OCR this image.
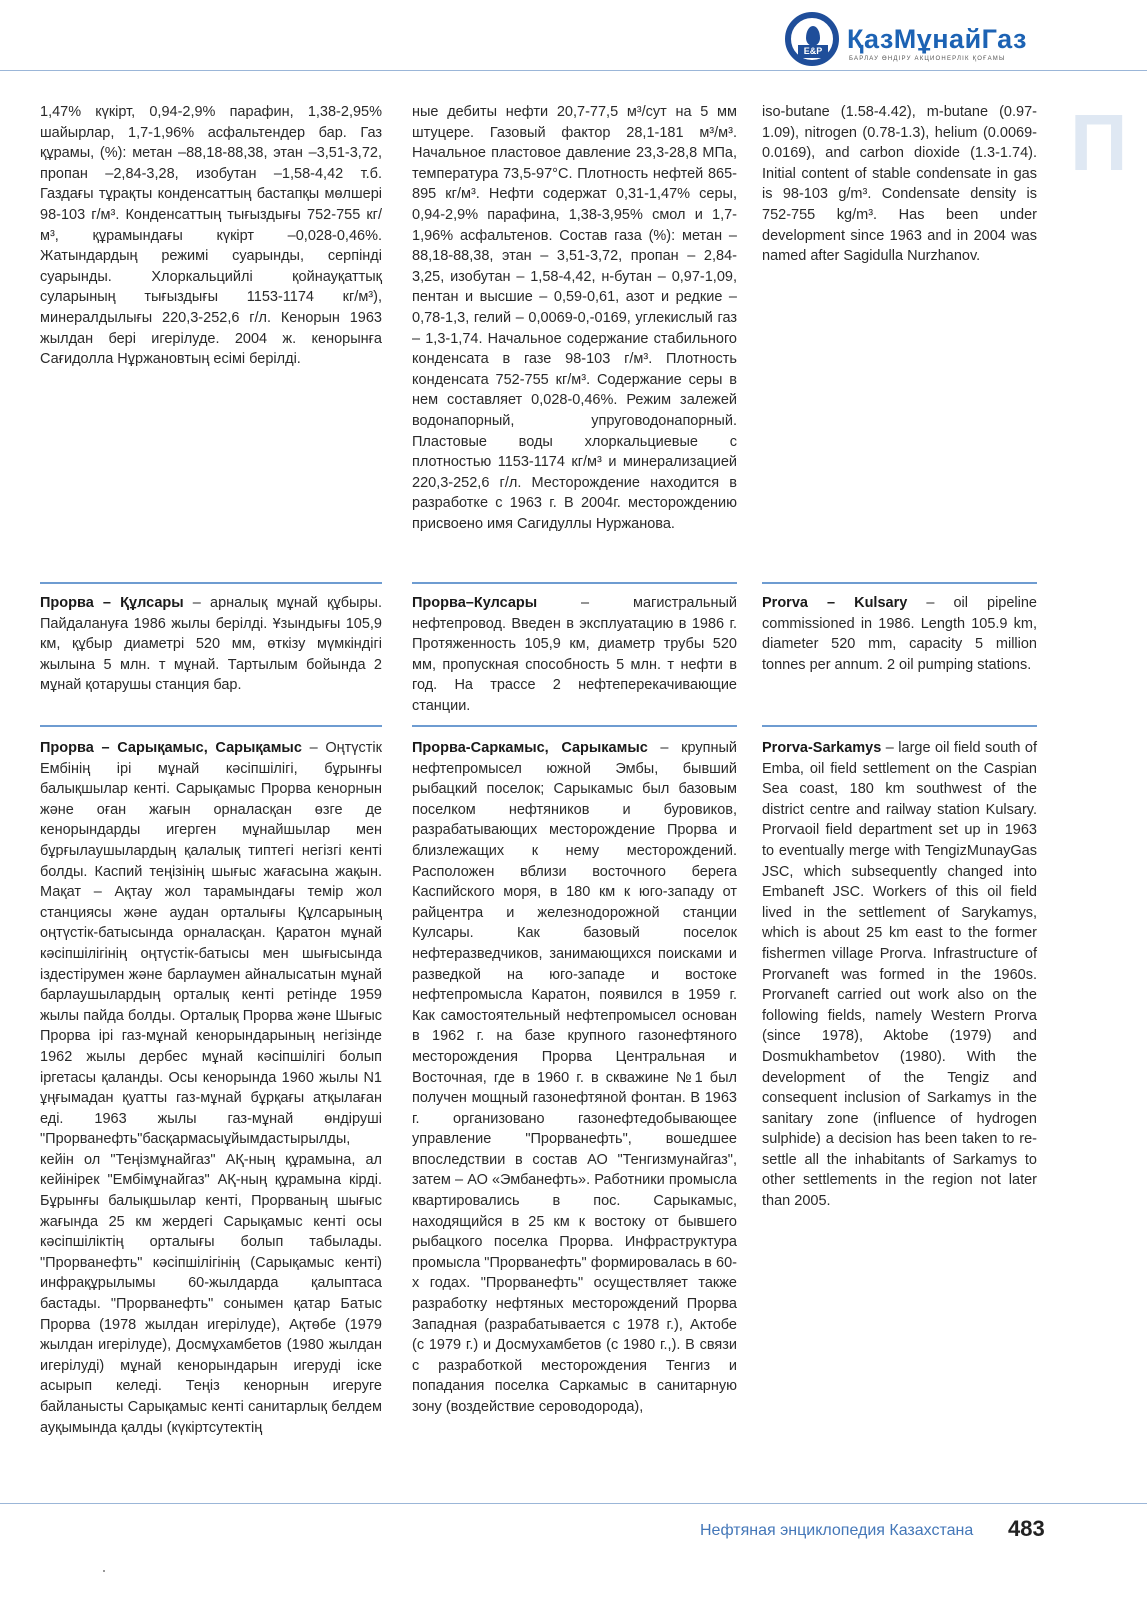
E&P ҚазМұнайГаз
БАРЛАУ ӨНДІРУ АКЦИОНЕРЛІК ҚОҒАМЫ
П

1,47% күкірт, 0,94-2,9% парафин, 1,38-2,95% шайырлар, 1,7-1,96% асфальтендер бар. Газ құрамы, (%): метан –88,18-88,38, этан –3,51-3,72, пропан –2,84-3,28, изобутан –1,58-4,42 т.б. Газдағы тұрақты конденсаттың бастапқы мөлшері 98-103 г/м³. Конденсаттың тығыздығы 752-755 кг/м³, құрамындағы күкірт –0,028-0,46%. Жатындардың режимі суарынды, серпінді суарынды. Хлоркальцийлі қойнауқаттық суларының тығыздығы 1153-1174 кг/м³), минералдылығы 220,3-252,6 г/л. Кенорын 1963 жылдан бері игерілуде. 2004 ж. кенорынға Сағидолла Нұржановтың есімі берілді.

ные дебиты нефти 20,7-77,5 м³/сут на 5 мм штуцере. Газовый фактор 28,1-181 м³/м³. Начальное пластовое давление 23,3-28,8 МПа, температура 73,5-97°С. Плотность нефтей 865-895 кг/м³. Нефти содержат 0,31-1,47% серы, 0,94-2,9% парафина, 1,38-3,95% смол и 1,7-1,96% асфальтенов. Состав газа (%): метан – 88,18-88,38, этан – 3,51-3,72, пропан – 2,84-3,25, изобутан – 1,58-4,42, н-бутан – 0,97-1,09, пентан и высшие – 0,59-0,61, азот и редкие – 0,78-1,3, гелий – 0,0069-0,-0169, углекислый газ – 1,3-1,74. Начальное содержание стабильного конденсата в газе 98-103 г/м³. Плотность конденсата 752-755 кг/м³. Содержание серы в нем составляет 0,028-0,46%. Режим залежей водонапорный, упруговодонапорный. Пластовые воды хлоркальциевые с плотностью 1153-1174 кг/м³ и минерализацией 220,3-252,6 г/л. Месторождение находится в разработке с 1963 г. В 2004г. месторождению присвоено имя Сагидуллы Нуржанова.

iso-butane (1.58-4.42), m-butane (0.97-1.09), nitrogen (0.78-1.3), helium (0.0069-0.0169), and carbon dioxide (1.3-1.74). Initial content of stable condensate in gas is 98-103 g/m³. Condensate density is 752-755 kg/m³. Has been under development since 1963 and in 2004 was named after Sagidulla Nurzhanov.

Прорва – Құлсары – арналық мұнай құбыры. Пайдалануға 1986 жылы берілді. Ұзындығы 105,9 км, құбыр диаметрі 520 мм, өткізу мүмкіндігі жылына 5 млн. т мұнай. Тартылым бойында 2 мұнай қотарушы станция бар.

Прорва–Кулсары – магистральный нефтепровод. Введен в эксплуатацию в 1986 г. Протяженность 105,9 км, диаметр трубы 520 мм, пропускная способность 5 млн. т нефти в год. На трассе 2 нефтеперекачивающие станции.

Prorva – Kulsary – oil pipeline commissioned in 1986. Length 105.9 km, diameter 520 mm, capacity 5 million tonnes per annum. 2 oil pumping stations.

Прорва – Сарықамыс, Сарықамыс – Оңтүстік Ембінің ірі мұнай кәсіпшілігі, бұрынғы балықшылар кенті. Сарықамыс Прорва кенорнын және оған жағын орналасқан өзге де кенорындарды игерген мұнайшылар мен бұрғылаушылардың қалалық типтегі негізгі кенті болды. Каспий теңізінің шығыс жағасына жақын. Мақат – Ақтау жол тарамындағы темір жол станциясы және аудан орталығы Құлсарының оңтүстік-батысында орналасқан. Қаратон мұнай кәсіпшілігінің оңтүстік-батысы мен шығысында іздестірумен және барлаумен айналысатын мұнай барлаушылардың орталық кенті ретінде 1959 жылы пайда болды. Орталық Прорва және Шығыс Прорва ірі газ-мұнай кенорындарының негізінде 1962 жылы дербес мұнай кәсіпшілігі болып іргетасы қаланды. Осы кенорында 1960 жылы N1 ұңғымадан қуатты газ-мұнай бұрқағы атқылаған еді. 1963 жылы газ-мұнай өндіруші "Прорванефть"басқармасыұйымдастырылды, кейін ол "Теңізмұнайгаз" АҚ-ның құрамына, ал кейінірек "Ембімұнайгаз" АҚ-ның құрамына кірді. Бұрынғы балықшылар кенті, Прорваның шығыс жағында 25 км жердегі Сарықамыс кенті осы кәсіпшіліктің орталығы болып табылады. "Прорванефть" кәсіпшілігінің (Сарықамыс кенті) инфрақұрылымы 60-жылдарда қалыптаса бастады. "Прорванефть" сонымен қатар Батыс Прорва (1978 жылдан игерілуде), Ақтөбе (1979 жылдан игерілуде), Досмұхамбетов (1980 жылдан игерілуді) мұнай кенорындарын игеруді іске асырып келеді. Теңіз кенорнын игеруге байланысты Сарықамыс кенті санитарлық белдем ауқымында қалды (күкіртсутектің

Прорва-Саркамыс, Сарыкамыс – крупный нефтепромысел южной Эмбы, бывший рыбацкий поселок; Сарыкамыс был базовым поселком нефтяников и буровиков, разрабатывающих месторождение Прорва и близлежащих к нему месторождений. Расположен вблизи восточного берега Каспийского моря, в 180 км к юго-западу от райцентра и железнодорожной станции Кулсары. Как базовый поселок нефтеразведчиков, занимающихся поисками и разведкой на юго-западе и востоке нефтепромысла Каратон, появился в 1959 г. Как самостоятельный нефтепромысел основан в 1962 г. на базе крупного газонефтяного месторождения Прорва Центральная и Восточная, где в 1960 г. в скважине №1 был получен мощный газонефтяной фонтан. В 1963 г. организовано газонефтедобывающее управление "Прорванефть", вошедшее впоследствии в состав АО "Тенгизмунайгаз", затем – АО «Эмбанефть». Работники промысла квартировались в пос. Сарыкамыс, находящийся в 25 км к востоку от бывшего рыбацкого поселка Прорва. Инфраструктура промысла "Прорванефть" формировалась в 60-х годах. "Прорванефть" осуществляет также разработку нефтяных месторождений Прорва Западная (разрабатывается с 1978 г.), Актобе (с 1979 г.) и Досмухамбетов (с 1980 г.,). В связи с разработкой месторождения Тенгиз и попадания поселка Саркамыс в санитарную зону (воздействие сероводорода),

Prorva-Sarkamys – large oil field south of Emba, oil field settlement on the Caspian Sea coast, 180 km southwest of the district centre and railway station Kulsary. Prorvaoil field department set up in 1963 to eventually merge with TengizMunayGas JSC, which subsequently changed into Embaneft JSC. Workers of this oil field lived in the settlement of Sarykamys, which is about 25 km east to the former fishermen village Prorva. Infrastructure of Prorvaneft was formed in the 1960s. Prorvaneft carried out work also on the following fields, namely Western Prorva (since 1978), Aktobe (1979) and Dosmukhambetov (1980). With the development of the Tengiz and consequent inclusion of Sarkamys in the sanitary zone (influence of hydrogen sulphide) a decision has been taken to re-settle all the inhabitants of Sarkamys to other settlements in the region not later than 2005.

Нефтяная энциклопедия Казахстана 483
